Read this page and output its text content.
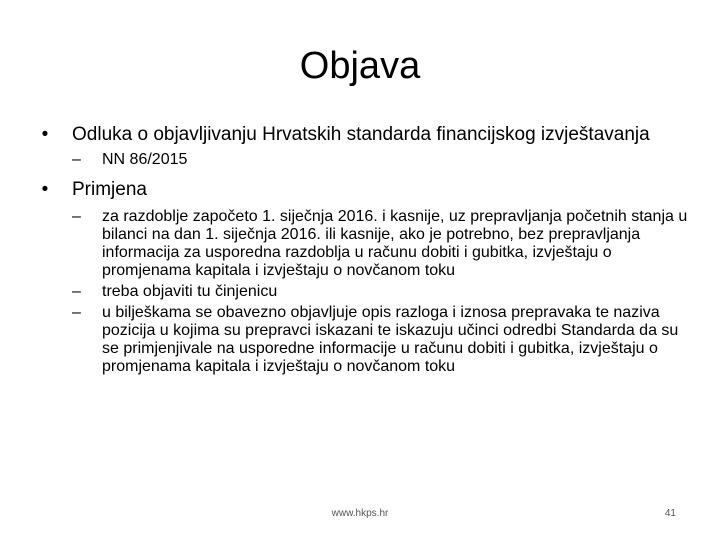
Objava
•	Odluka o objavljivanju Hrvatskih standarda financijskog izvještavanja
– NN 86/2015
•	Primjena
– za razdoblje započeto 1. siječnja 2016. i kasnije, uz prepravljanja početnih stanja u bilanci na dan 1. siječnja 2016. ili kasnije, ako je potrebno, bez prepravljanja informacija za usporedna razdoblja u računu dobiti i gubitka, izvještaju o promjenama kapitala i izvještaju o novčanom toku
– treba objaviti tu činjenicu
– u bilješkama se obavezno objavljuje opis razloga i iznosa prepravaka te naziva pozicija u kojima su prepravci iskazani te iskazuju učinci odredbi Standarda da su se primjenjivale na usporedne informacije u računu dobiti i gubitka, izvještaju o promjenama kapitala i izvještaju o novčanom toku
www.hkps.hr	41
